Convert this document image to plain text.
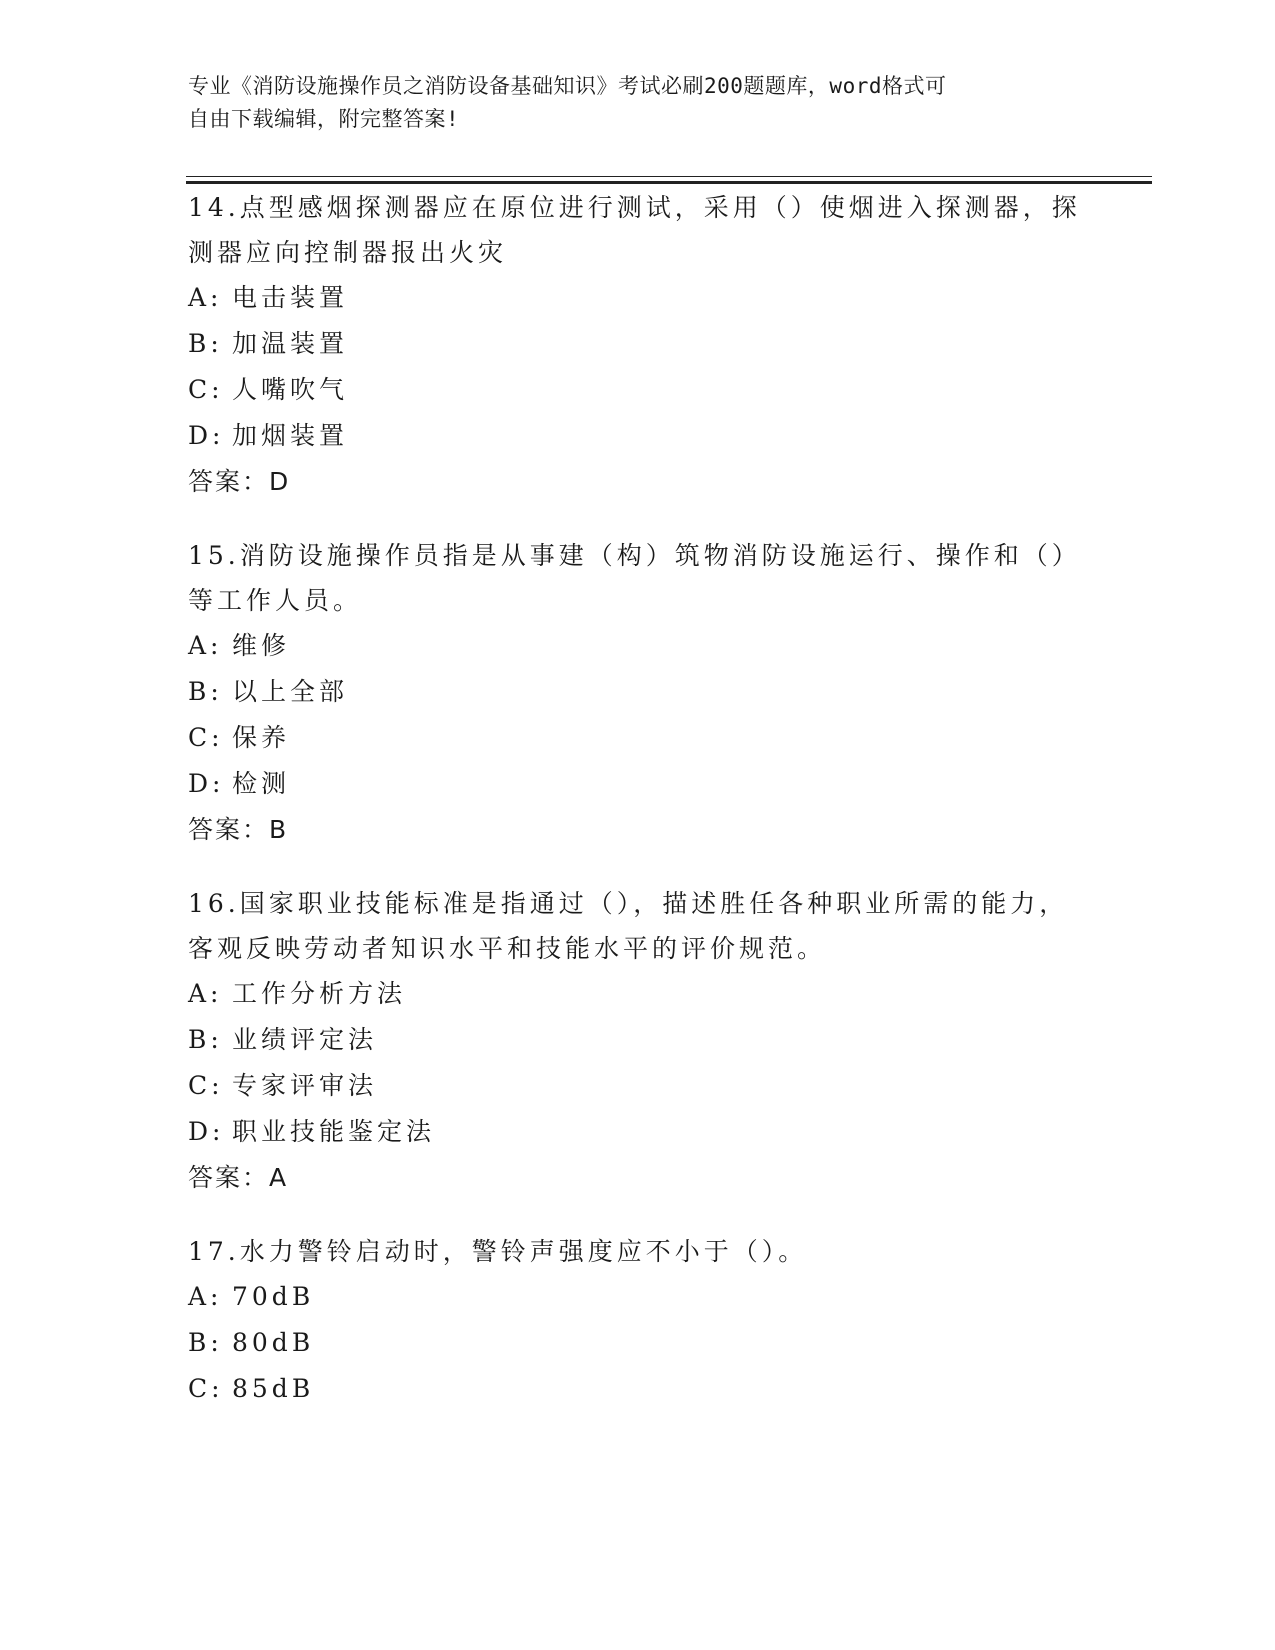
专业《消防设施操作员之消防设备基础知识》考试必刷200题题库，word格式可
自由下载编辑，附完整答案!

14.点型感烟探测器应在原位进行测试，采用（）使烟进入探测器，探
测器应向控制器报出火灾

A: 电击装置

B: 加温装置

C: 人嘴吹气

D: 加烟装置

答案：D

15.消防设施操作员指是从事建（构）筑物消防设施运行、操作和（）
等工作人员。

A: 维修

B: 以上全部

C: 保养

D: 检测

答案：B

16.国家职业技能标准是指通过（），描述胜任各种职业所需的能力，
客观反映劳动者知识水平和技能水平的评价规范。

A: 工作分析方法

B: 业绩评定法

C: 专家评审法

D: 职业技能鉴定法

答案：A

17.水力警铃启动时，警铃声强度应不小于（）。

A: 70dB

B: 80dB

C: 85dB
